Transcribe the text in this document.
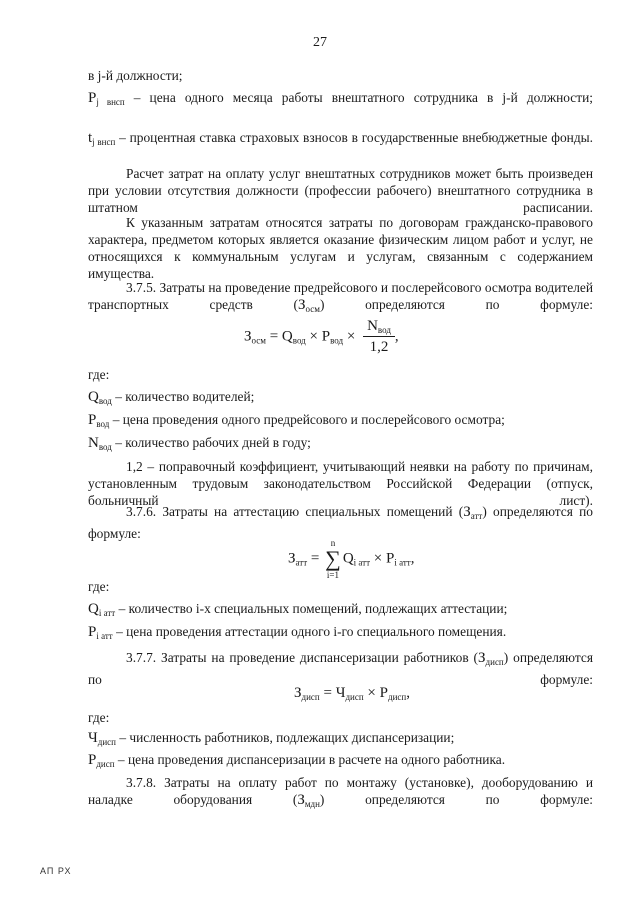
27
в j-й должности;
$P_{j внсп}$ – цена одного месяца работы внештатного сотрудника в j-й должности;
$t_{j внсп}$ – процентная ставка страховых взносов в государственные внебюджетные фонды.
Расчет затрат на оплату услуг внештатных сотрудников может быть произведен при условии отсутствия должности (профессии рабочего) внештатного сотрудника в штатном расписании.
К указанным затратам относятся затраты по договорам гражданско-правового характера, предметом которых является оказание физическим лицом работ и услуг, не относящихся к коммунальным услугам и услугам, связанным с содержанием имущества.
3.7.5. Затраты на проведение предрейсового и послерейсового осмотра водителей транспортных средств $(З_{осм})$ определяются по формуле:
$З_{осм} = Q_{вод} \times P_{вод} \times \frac{N_{вод}}{1,2}$ ,
где:
$Q_{вод}$ – количество водителей;
$P_{вод}$ – цена проведения одного предрейсового и послерейсового осмотра;
$N_{вод}$ – количество рабочих дней в году;
1,2 – поправочный коэффициент, учитывающий неявки на работу по причинам, установленным трудовым законодательством Российской Федерации (отпуск, больничный лист).
3.7.6. Затраты на аттестацию специальных помещений $(З_{атт})$ определяются по формуле:
$З_{атт} = n$
∑
$i=1Q_{i атт} \times P_{i атт}$,
где:
$Q_{i атт}$ – количество i-х специальных помещений, подлежащих аттестации;
$P_{i атт}$ – цена проведения аттестации одного i-го специального помещения.
3.7.7. Затраты на проведение диспансеризации работников $(З_{дисп})$ определяются по формуле:
$З_{дисп} = Ч_{дисп} \times P_{дисп}$,
где:
$Ч_{дисп}$ – численность работников, подлежащих диспансеризации;
$P_{дисп}$ – цена проведения диспансеризации в расчете на одного работника.
3.7.8. Затраты на оплату работ по монтажу (установке), дооборудованию и наладке оборудования $(З_{мдн})$ определяются по формуле:
АП РХ
